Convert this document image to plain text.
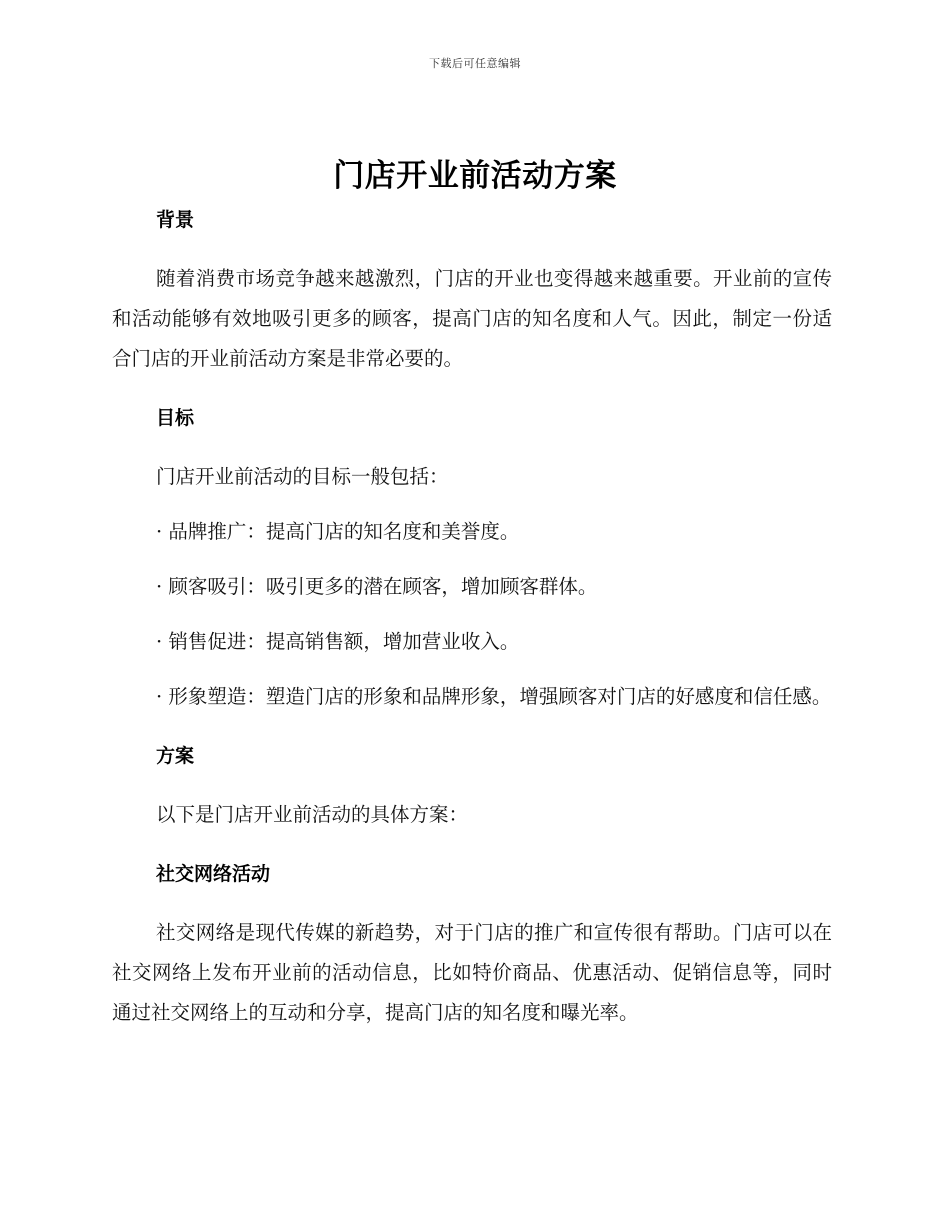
下载后可任意编辑
门店开业前活动方案
背景

随着消费市场竞争越来越激烈，门店的开业也变得越来越重要。开业前的宣传和活动能够有效地吸引更多的顾客，提高门店的知名度和人气。因此，制定一份适合门店的开业前活动方案是非常必要的。

目标

门店开业前活动的目标一般包括：

· 品牌推广：提高门店的知名度和美誉度。

· 顾客吸引：吸引更多的潜在顾客，增加顾客群体。

· 销售促进：提高销售额，增加营业收入。

· 形象塑造：塑造门店的形象和品牌形象，增强顾客对门店的好感度和信任感。

方案

以下是门店开业前活动的具体方案：

社交网络活动

社交网络是现代传媒的新趋势，对于门店的推广和宣传很有帮助。门店可以在社交网络上发布开业前的活动信息，比如特价商品、优惠活动、促销信息等，同时通过社交网络上的互动和分享，提高门店的知名度和曝光率。
